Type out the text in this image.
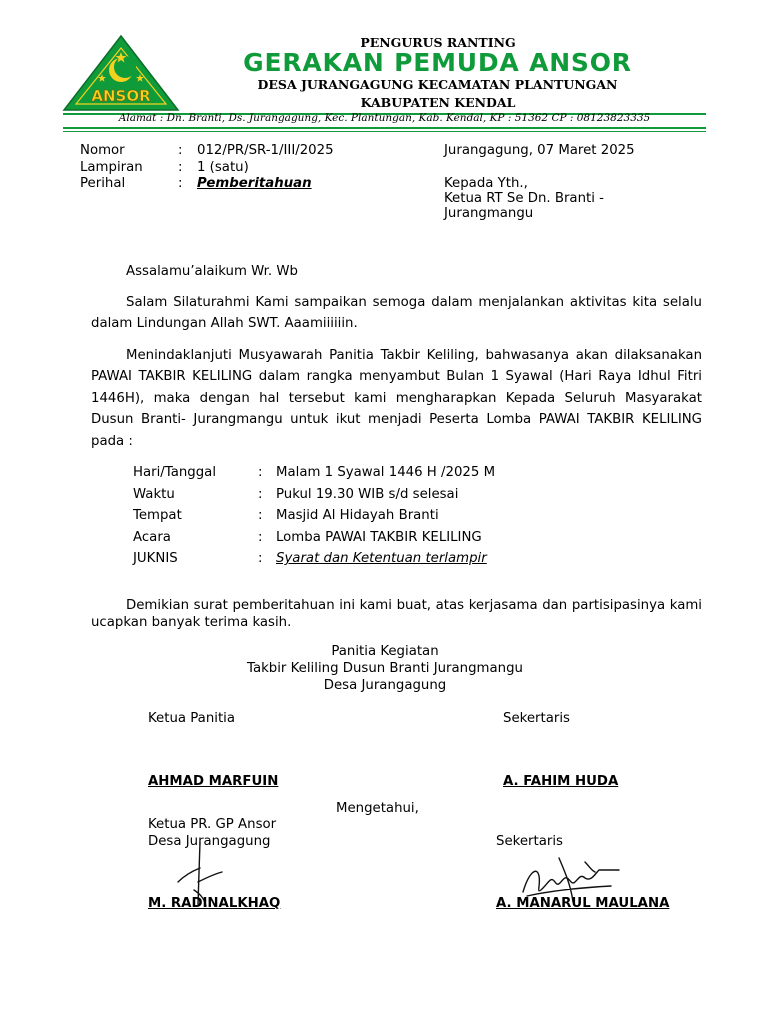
ANSOR
PENGURUS RANTING
GERAKAN PEMUDA ANSOR
DESA JURANGAGUNG KECAMATAN PLANTUNGAN
KABUPATEN KENDAL
Alamat : Dn. Branti, Ds. Jurangagung, Kec. Plantungan, Kab. Kendal, KP : 51362 CP : 08123823335
Nomor	: 012/PR/SR-1/III/2025
Lampiran	: 1 (satu)
Perihal	: Pemberitahuan
Jurangagung, 07 Maret 2025
Kepada Yth.,
Ketua RT Se Dn. Branti - Jurangmangu
Assalamu’alaikum Wr. Wb
Salam Silaturahmi Kami sampaikan semoga dalam menjalankan aktivitas kita selalu dalam Lindungan Allah SWT. Aaamiiiiiin.
Menindaklanjuti Musyawarah Panitia Takbir Keliling, bahwasanya akan dilaksanakan PAWAI TAKBIR KELILING dalam rangka menyambut Bulan 1 Syawal (Hari Raya Idhul Fitri 1446H), maka dengan hal tersebut kami mengharapkan Kepada Seluruh Masyarakat Dusun Branti- Jurangmangu untuk ikut menjadi Peserta Lomba PAWAI TAKBIR KELILING pada :
Hari/Tanggal	: Malam 1 Syawal 1446 H /2025 M
Waktu	: Pukul 19.30 WIB s/d selesai
Tempat	: Masjid Al Hidayah Branti
Acara	: Lomba PAWAI TAKBIR KELILING
JUKNIS	: Syarat dan Ketentuan terlampir
Demikian surat pemberitahuan ini kami buat, atas kerjasama dan partisipasinya kami ucapkan banyak terima kasih.
Panitia Kegiatan
Takbir Keliling Dusun Branti Jurangmangu
Desa Jurangagung
Ketua Panitia	Sekertaris
AHMAD MARFUIN	A. FAHIM HUDA
Mengetahui,
Ketua PR. GP Ansor
Desa Jurangagung	Sekertaris
M. RADINALKHAQ	A. MANARUL MAULANA
